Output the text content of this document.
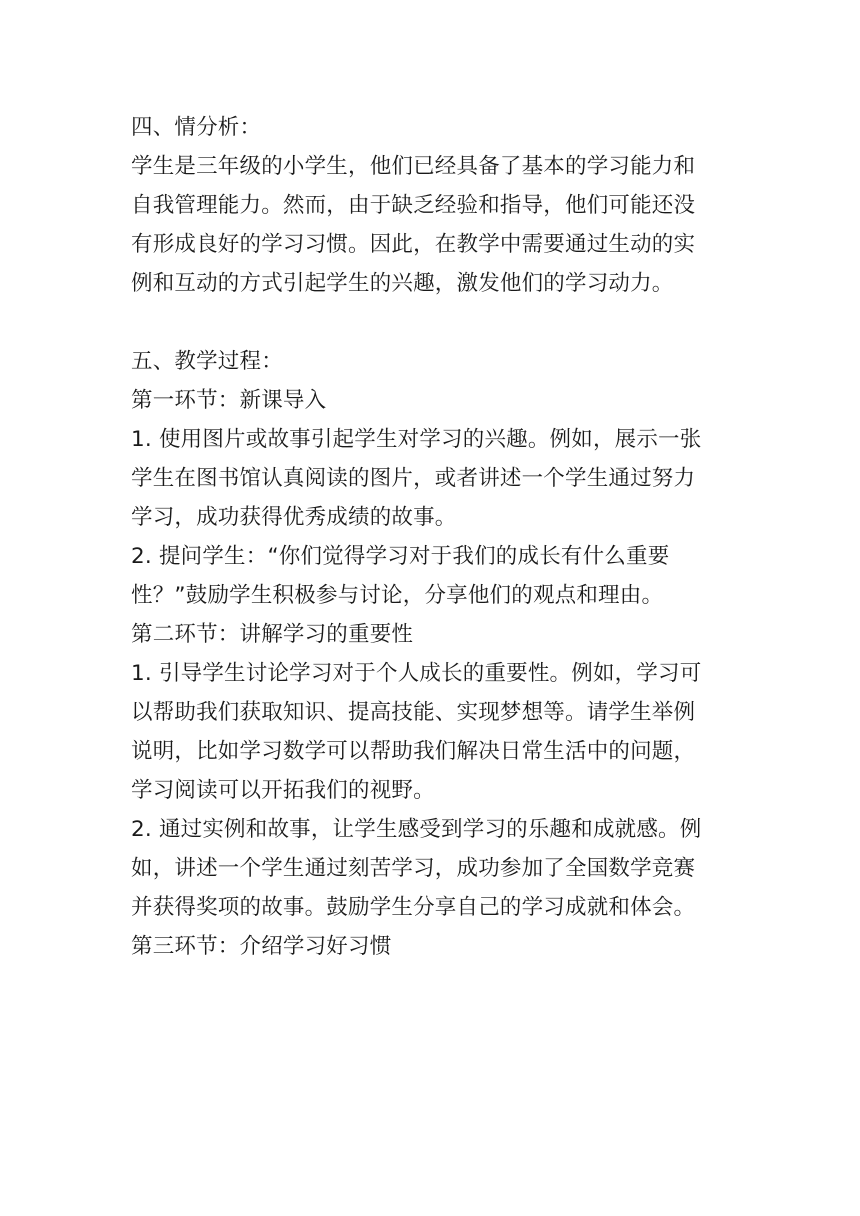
四、情分析：
学生是三年级的小学生，他们已经具备了基本的学习能力和
自我管理能力。然而，由于缺乏经验和指导，他们可能还没
有形成良好的学习习惯。因此，在教学中需要通过生动的实
例和互动的方式引起学生的兴趣，激发他们的学习动力。
五、教学过程：
第一环节：新课导入
1. 使用图片或故事引起学生对学习的兴趣。例如，展示一张
学生在图书馆认真阅读的图片，或者讲述一个学生通过努力
学习，成功获得优秀成绩的故事。
2. 提问学生：“你们觉得学习对于我们的成长有什么重要
性？”鼓励学生积极参与讨论，分享他们的观点和理由。
第二环节：讲解学习的重要性
1. 引导学生讨论学习对于个人成长的重要性。例如，学习可
以帮助我们获取知识、提高技能、实现梦想等。请学生举例
说明，比如学习数学可以帮助我们解决日常生活中的问题，
学习阅读可以开拓我们的视野。
2. 通过实例和故事，让学生感受到学习的乐趣和成就感。例
如，讲述一个学生通过刻苦学习，成功参加了全国数学竞赛
并获得奖项的故事。鼓励学生分享自己的学习成就和体会。
第三环节：介绍学习好习惯
